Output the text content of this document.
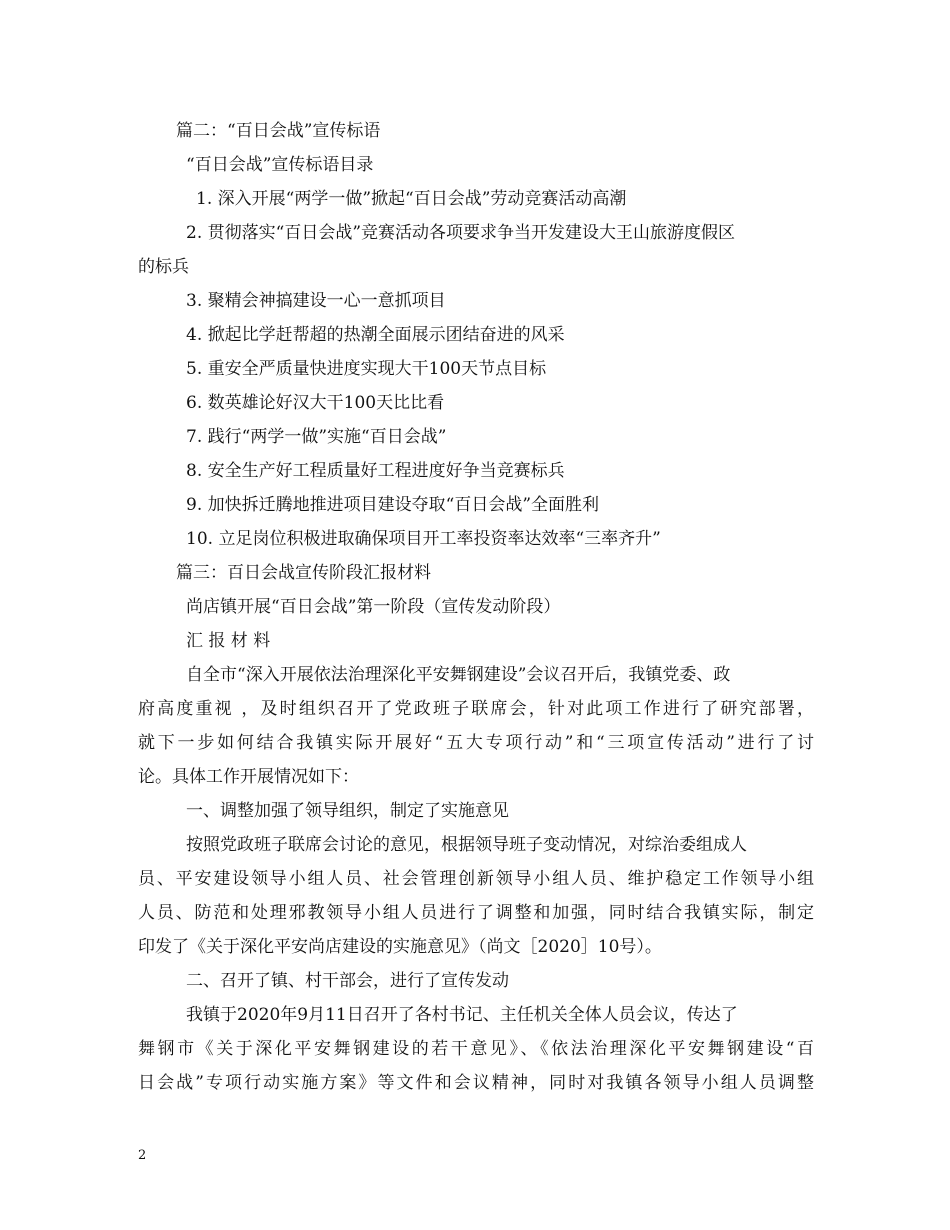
篇二：“百日会战”宣传标语
“百日会战”宣传标语目录
1. 深入开展“两学一做”掀起“百日会战”劳动竞赛活动高潮
2. 贯彻落实“百日会战”竞赛活动各项要求争当开发建设大王山旅游度假区
的标兵
3. 聚精会神搞建设一心一意抓项目
4. 掀起比学赶帮超的热潮全面展示团结奋进的风采
5. 重安全严质量快进度实现大干100天节点目标
6. 数英雄论好汉大干100天比比看
7. 践行“两学一做”实施“百日会战”
8. 安全生产好工程质量好工程进度好争当竞赛标兵
9. 加快拆迁腾地推进项目建设夺取“百日会战”全面胜利
10. 立足岗位积极进取确保项目开工率投资率达效率“三率齐升”
篇三：百日会战宣传阶段汇报材料
尚店镇开展“百日会战”第一阶段（宣传发动阶段）
汇 报 材 料
自全市“深入开展依法治理深化平安舞钢建设”会议召开后，我镇党委、政
府高度重视 ，及时组织召开了党政班子联席会，针对此项工作进行了研究部署，
就下一步如何结合我镇实际开展好“五大专项行动”和“三项宣传活动”进行了讨
论。具体工作开展情况如下：
一、调整加强了领导组织，制定了实施意见
按照党政班子联席会讨论的意见，根据领导班子变动情况，对综治委组成人
员、平安建设领导小组人员、社会管理创新领导小组人员、维护稳定工作领导小组
人员、防范和处理邪教领导小组人员进行了调整和加强，同时结合我镇实际，制定
印发了《关于深化平安尚店建设的实施意见》（尚文［2020］10号）。
二、召开了镇、村干部会，进行了宣传发动
我镇于2020年9月11日召开了各村书记、主任机关全体人员会议，传达了
舞钢市《关于深化平安舞钢建设的若干意见》、《依法治理深化平安舞钢建设“百
日会战”专项行动实施方案》等文件和会议精神，同时对我镇各领导小组人员调整
2
